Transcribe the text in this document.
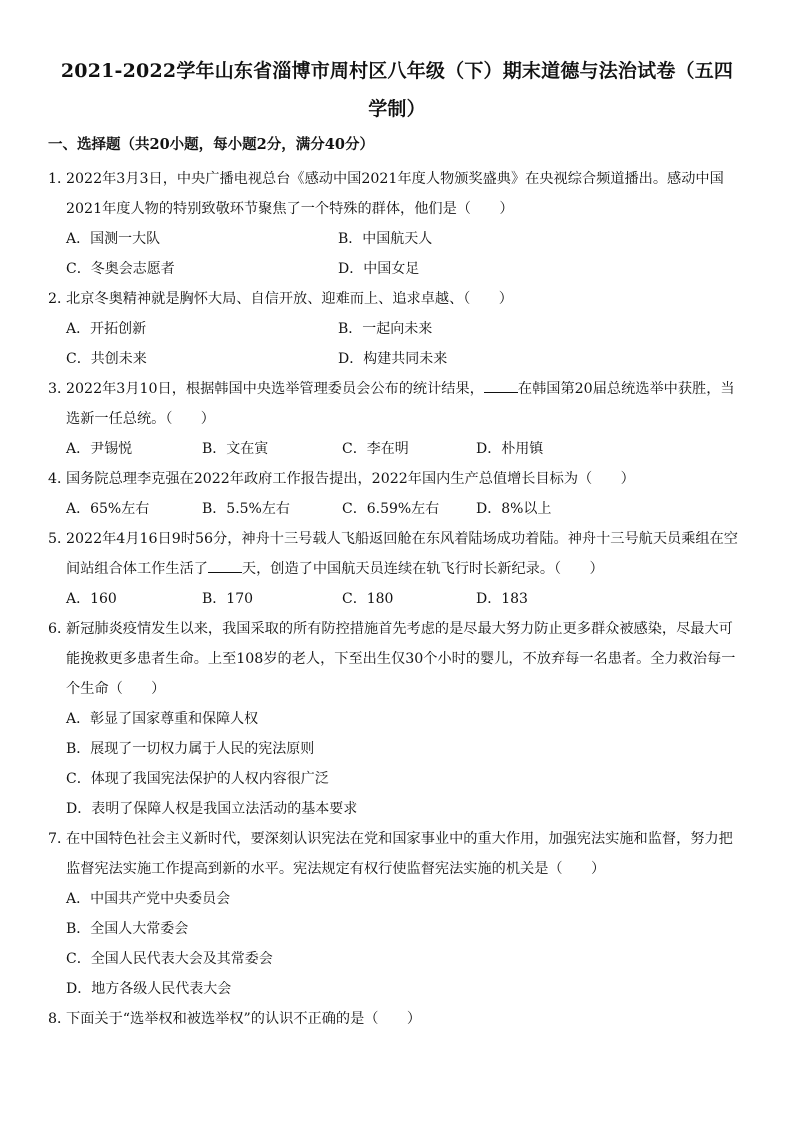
2021-2022学年山东省淄博市周村区八年级（下）期末道德与法治试卷（五四学制）
一、选择题（共20小题，每小题2分，满分40分）
1．
2022年3月3日，中央广播电视总台《感动中国2021年度人物颁奖盛典》在央视综合频道播出。感动中国2021年度人物的特别致敬环节聚焦了一个特殊的群体，他们是（　　）
A．国测一大队	B．中国航天人
C．冬奥会志愿者	D．中国女足
2．
北京冬奥精神就是胸怀大局、自信开放、迎难而上、追求卓越、（　　）
A．开拓创新	B．一起向未来
C．共创未来	D．构建共同未来
3．
2022年3月10日，根据韩国中央选举管理委员会公布的统计结果， 在韩国第20届总统选举中获胜，当选新一任总统。（　　）
A．尹锡悦	B．文在寅	C．李在明	D．朴用镇
4．
国务院总理李克强在2022年政府工作报告提出，2022年国内生产总值增长目标为（　　）
A．65%左右	B．5.5%左右	C．6.59%左右	D．8%以上
5．
2022年4月16日9时56分，神舟十三号载人飞船返回舱在东风着陆场成功着陆。神舟十三号航天员乘组在空间站组合体工作生活了 天，创造了中国航天员连续在轨飞行时长新纪录。（　　）
A．160	B．170	C．180	D．183
6．
新冠肺炎疫情发生以来，我国采取的所有防控措施首先考虑的是尽最大努力防止更多群众被感染，尽最大可能挽救更多患者生命。上至108岁的老人，下至出生仅30个小时的婴儿，不放弃每一名患者。全力救治每一个生命（　　）
A．彰显了国家尊重和保障人权
B．展现了一切权力属于人民的宪法原则
C．体现了我国宪法保护的人权内容很广泛
D．表明了保障人权是我国立法活动的基本要求
7．
在中国特色社会主义新时代，要深刻认识宪法在党和国家事业中的重大作用，加强宪法实施和监督，努力把监督宪法实施工作提高到新的水平。宪法规定有权行使监督宪法实施的机关是（　　）
A．中国共产党中央委员会
B．全国人大常委会
C．全国人民代表大会及其常委会
D．地方各级人民代表大会
8．
下面关于“选举权和被选举权”的认识不正确的是（　　）
